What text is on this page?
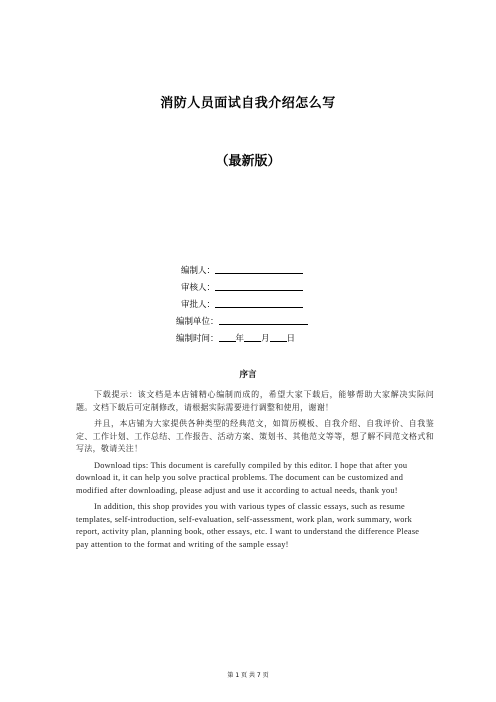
消防人员面试自我介绍怎么写
（最新版）
编制人：
审核人：
审批人：
编制单位：
编制时间： 年 月 日
序言

下载提示：该文档是本店铺精心编制而成的，希望大家下载后，能够帮助大家解决实际问题。文档下载后可定制修改，请根据实际需要进行调整和使用，谢谢！

并且，本店铺为大家提供各种类型的经典范文，如简历模板、自我介绍、自我评价、自我鉴定、工作计划、工作总结、工作报告、活动方案、策划书、其他范文等等，想了解不同范文格式和写法，敬请关注！

Download tips: This document is carefully compiled by this editor. I hope that after you download it, it can help you solve practical problems. The document can be customized and modified after downloading, please adjust and use it according to actual needs, thank you!

In addition, this shop provides you with various types of classic essays, such as resume templates, self-introduction, self-evaluation, self-assessment, work plan, work summary, work report, activity plan, planning book, other essays, etc. I want to understand the difference Please pay attention to the format and writing of the sample essay!

第 1 页 共 7 页
